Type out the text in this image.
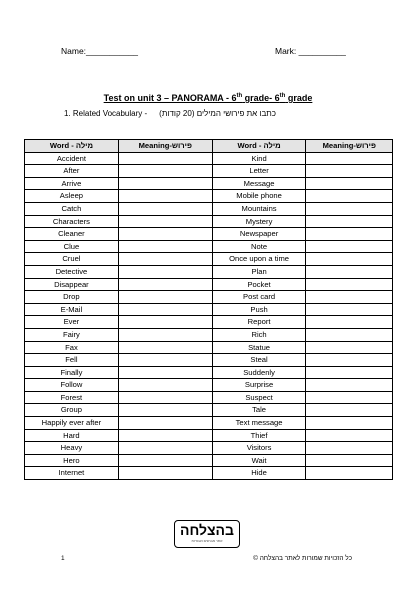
Name:___________	Mark: __________
Test on unit 3 – PANORAMA - 6th grade- 6th grade
1. Related Vocabulary - כתבו את פירושי המילים (20 קודות)
Word - מילה	Meaning-פירוש	Word - מילה	Meaning-פירוש
Accident		Kind	
After		Letter	
Arrive		Message	
Asleep		Mobile phone	
Catch		Mountains	
Characters		Mystery	
Cleaner		Newspaper	
Clue		Note	
Cruel		Once upon a time	
Detective		Plan	
Disappear		Pocket	
Drop		Post card	
E-Mail		Push	
Ever		Report	
Fairy		Rich	
Fax		Statue	
Fell		Steal	
Finally		Suddenly	
Follow		Surprise	
Forest		Suspect	
Group		Tale	
Happily ever after		Text message	
Hard		Thief	
Heavy		Visitors	
Hero		Wait	
Internet		Hide	
בהצלחה
אתר מבחנים ועבודות
1	כל הזכויות שמורות לאתר בהצלחה ©
